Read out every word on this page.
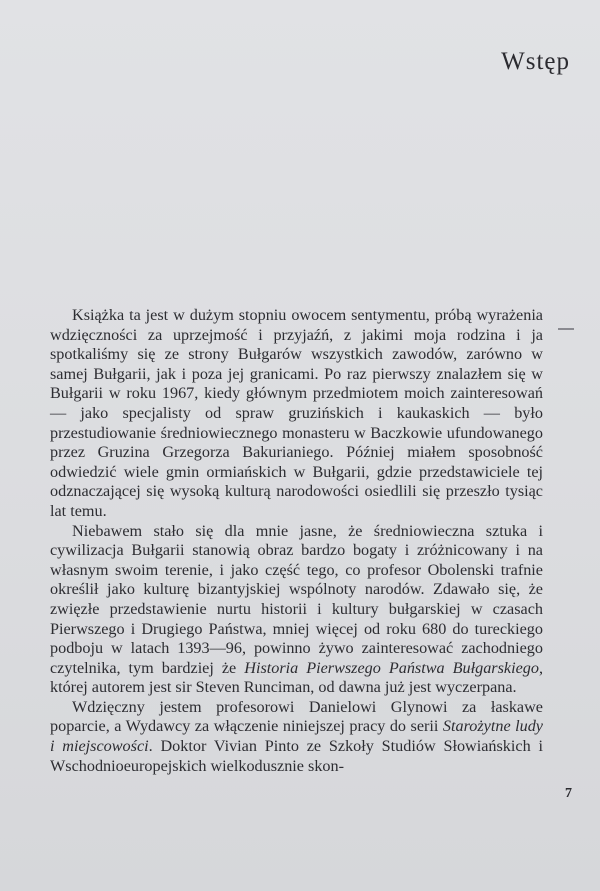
Wstęp

Książka ta jest w dużym stopniu owocem sentymentu, próbą wyrażenia wdzięczności za uprzejmość i przyjaźń, z jakimi moja rodzina i ja spotkaliśmy się ze strony Bułgarów wszystkich zawodów, zarówno w samej Bułgarii, jak i poza jej granicami. Po raz pierwszy znalazłem się w Bułgarii w roku 1967, kiedy głównym przedmiotem moich zainteresowań — jako specjalisty od spraw gruzińskich i kaukaskich — było przestudiowanie średniowiecznego monasteru w Baczkowie ufundowanego przez Gruzina Grzegorza Bakurianiego. Później miałem sposobność odwiedzić wiele gmin ormiańskich w Bułgarii, gdzie przedstawiciele tej odznaczającej się wysoką kulturą narodowości osiedlili się przeszło tysiąc lat temu.

Niebawem stało się dla mnie jasne, że średniowieczna sztuka i cywilizacja Bułgarii stanowią obraz bardzo bogaty i zróżnicowany i na własnym swoim terenie, i jako część tego, co profesor Obolenski trafnie określił jako kulturę bizantyjskiej wspólnoty narodów. Zdawało się, że zwięzłe przedstawienie nurtu historii i kultury bułgarskiej w czasach Pierwszego i Drugiego Państwa, mniej więcej od roku 680 do tureckiego podboju w latach 1393—96, powinno żywo zainteresować zachodniego czytelnika, tym bardziej że Historia Pierwszego Państwa Bułgarskiego, której autorem jest sir Steven Runciman, od dawna już jest wyczerpana.

Wdzięczny jestem profesorowi Danielowi Glynowi za łaskawe poparcie, a Wydawcy za włączenie niniejszej pracy do serii Starożytne ludy i miejscowości. Doktor Vivian Pinto ze Szkoły Studiów Słowiańskich i Wschodnioeuropejskich wielkodusznie skon-

7
